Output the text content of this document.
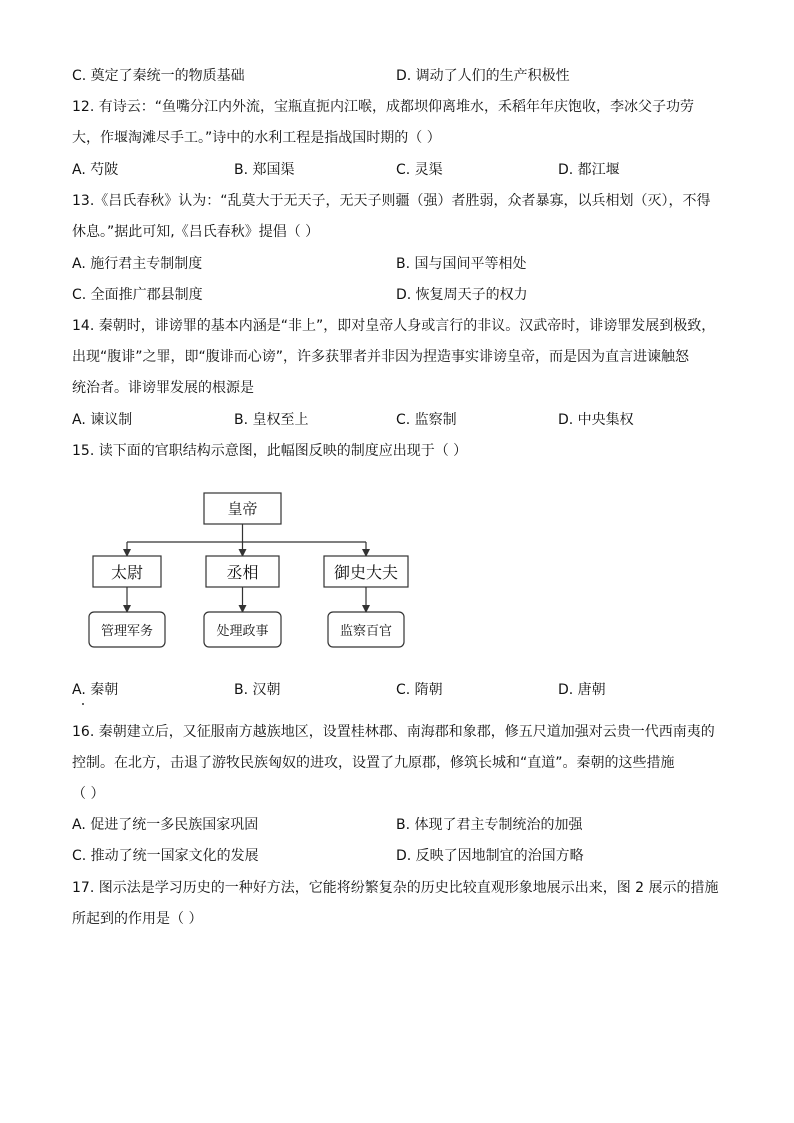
C. 奠定了秦统一的物质基础	D. 调动了人们的生产积极性
12. 有诗云：“鱼嘴分江内外流，宝瓶直扼内江喉，成都坝仰离堆水，禾稻年年庆饱收，李冰父子功劳
大，作堰淘滩尽手工。”诗中的水利工程是指战国时期的（ ）
A. 芍陂	B. 郑国渠	C. 灵渠	D. 都江堰
13.《吕氏春秋》认为：“乱莫大于无天子，无天子则疆（强）者胜弱，众者暴寡，以兵相划（灭），不得
休息。”据此可知,《吕氏春秋》提倡（ ）
A. 施行君主专制制度	B. 国与国间平等相处
C. 全面推广郡县制度	D. 恢复周天子的权力
14. 秦朝时，诽谤罪的基本内涵是“非上”，即对皇帝人身或言行的非议。汉武帝时，诽谤罪发展到极致，
出现“腹诽”之罪，即“腹诽而心谤”，许多获罪者并非因为捏造事实诽谤皇帝，而是因为直言进谏触怒
统治者。诽谤罪发展的根源是
A. 谏议制	B. 皇权至上	C. 监察制	D. 中央集权
15. 读下面的官职结构示意图，此幅图反映的制度应出现于（ ）
皇帝
太尉	丞相	御史大夫
管理军务	处理政事	监察百官
A. 秦朝	B. 汉朝	C. 隋朝	D. 唐朝
16. 秦朝建立后，又征服南方越族地区，设置桂林郡、南海郡和象郡，修五尺道加强对云贵一代西南夷的
控制。在北方，击退了游牧民族匈奴的进攻，设置了九原郡，修筑长城和“直道”。秦朝的这些措施
（ ）
A. 促进了统一多民族国家巩固	B. 体现了君主专制统治的加强
C. 推动了统一国家文化的发展	D. 反映了因地制宜的治国方略
17. 图示法是学习历史的一种好方法，它能将纷繁复杂的历史比较直观形象地展示出来，图 2 展示的措施
所起到的作用是（ ）
